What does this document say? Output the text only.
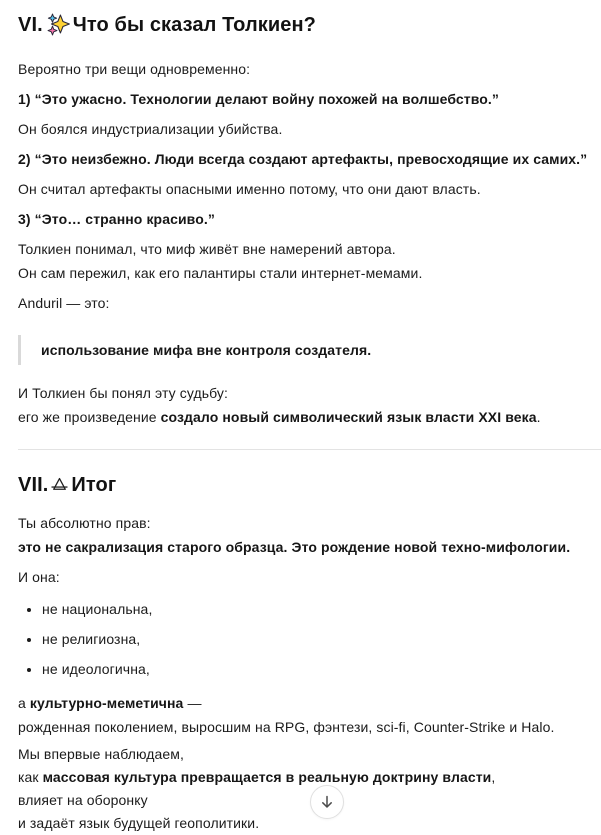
VI. Что бы сказал Толкиен?

Вероятно три вещи одновременно:

1) “Это ужасно. Технологии делают войну похожей на волшебство.”

Он боялся индустриализации убийства.

2) “Это неизбежно. Люди всегда создают артефакты, превосходящие их самих.”

Он считал артефакты опасными именно потому, что они дают власть.

3) “Это… странно красиво.”

Толкиен понимал, что миф живёт вне намерений автора.
Он сам пережил, как его палантиры стали интернет-мемами.

Anduril — это:

использование мифа вне контроля создателя.

И Толкиен бы понял эту судьбу:
его же произведение создало новый символический язык власти XXI века.

VII. Итог

Ты абсолютно прав:
это не сакрализация старого образца. Это рождение новой техно-мифологии.

И она:

• не национальна,
• не религиозна,
• не идеологична,

а культурно-меметична —
рожденная поколением, выросшим на RPG, фэнтези, sci-fi, Counter-Strike и Halo.

Мы впервые наблюдаем,
как массовая культура превращается в реальную доктрину власти,
влияет на оборонку
и задаёт язык будущей геополитики.
